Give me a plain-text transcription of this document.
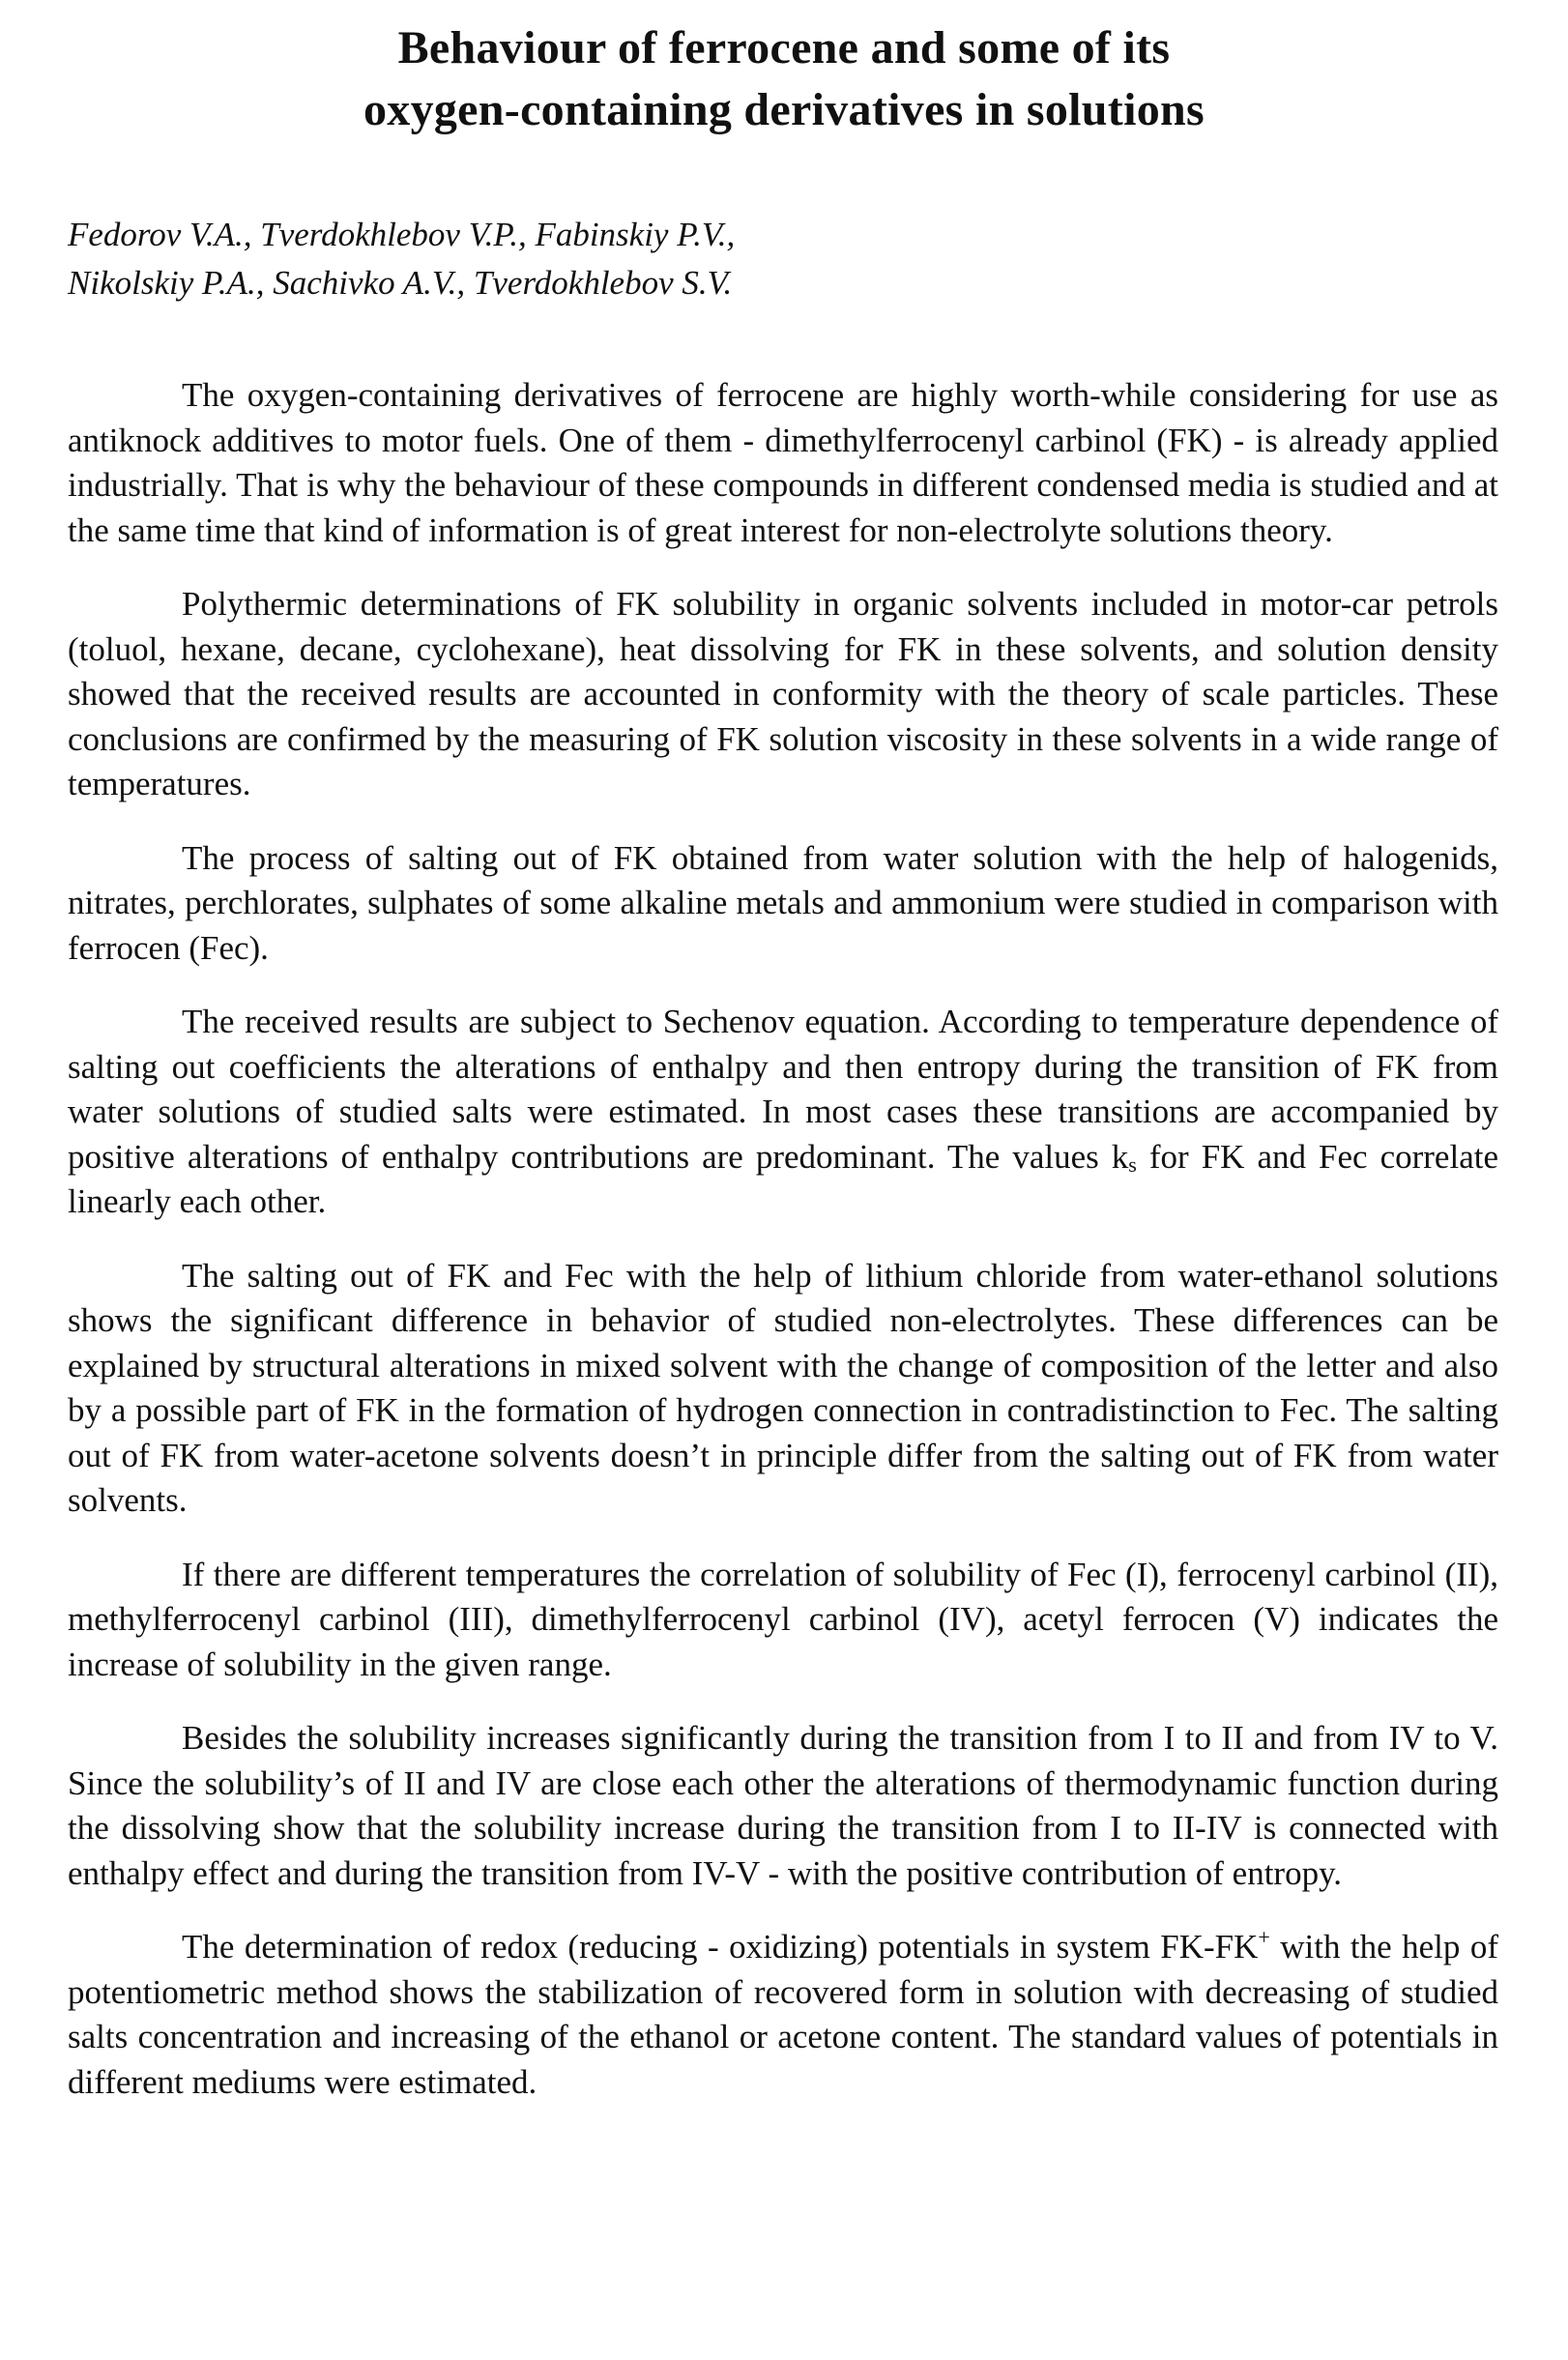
Behaviour of ferrocene and some of its
oxygen-containing derivatives in solutions
Fedorov V.A., Tverdokhlebov V.P., Fabinskiy P.V.,
Nikolskiy P.A., Sachivko A.V., Tverdokhlebov S.V.

The oxygen-containing derivatives of ferrocene are highly worth-while considering for use as antiknock additives to motor fuels. One of them - dimethylferrocenyl carbinol (FK) - is already applied industrially. That is why the behaviour of these compounds in different condensed media is studied and at the same time that kind of information is of great interest for non-electrolyte solutions theory.

Polythermic determinations of FK solubility in organic solvents included in motor-car petrols (toluol, hexane, decane, cyclohexane), heat dissolving for FK in these solvents, and solution density showed that the received results are accounted in conformity with the theory of scale particles. These conclusions are confirmed by the measuring of FK solution viscosity in these solvents in a wide range of temperatures.

The process of salting out of FK obtained from water solution with the help of halogenids, nitrates, perchlorates, sulphates of some alkaline metals and ammonium were studied in comparison with ferrocen (Fec).

The received results are subject to Sechenov equation. According to temperature dependence of salting out coefficients the alterations of enthalpy and then entropy during the transition of FK from water solutions of studied salts were estimated. In most cases these transitions are accompanied by positive alterations of enthalpy contributions are predominant. The values $k_s$ for FK and Fec correlate linearly each other.

The salting out of FK and Fec with the help of lithium chloride from water-ethanol solutions shows the significant difference in behavior of studied non-electrolytes. These differences can be explained by structural alterations in mixed solvent with the change of composition of the letter and also by a possible part of FK in the formation of hydrogen connection in contradistinction to Fec. The salting out of FK from water-acetone solvents doesn’t in principle differ from the salting out of FK from water solvents.

If there are different temperatures the correlation of solubility of Fec (I), ferrocenyl carbinol (II), methylferrocenyl carbinol (III), dimethylferrocenyl carbinol (IV), acetyl ferrocen (V) indicates the increase of solubility in the given range.

Besides the solubility increases significantly during the transition from I to II and from IV to V. Since the solubility’s of II and IV are close each other the alterations of thermodynamic function during the dissolving show that the solubility increase during the transition from I to II-IV is connected with enthalpy effect and during the transition from IV-V - with the positive contribution of entropy.

The determination of redox (reducing - oxidizing) potentials in system FK-FK+ with the help of potentiometric method shows the stabilization of recovered form in solution with decreasing of studied salts concentration and increasing of the ethanol or acetone content. The standard values of potentials in different mediums were estimated.
